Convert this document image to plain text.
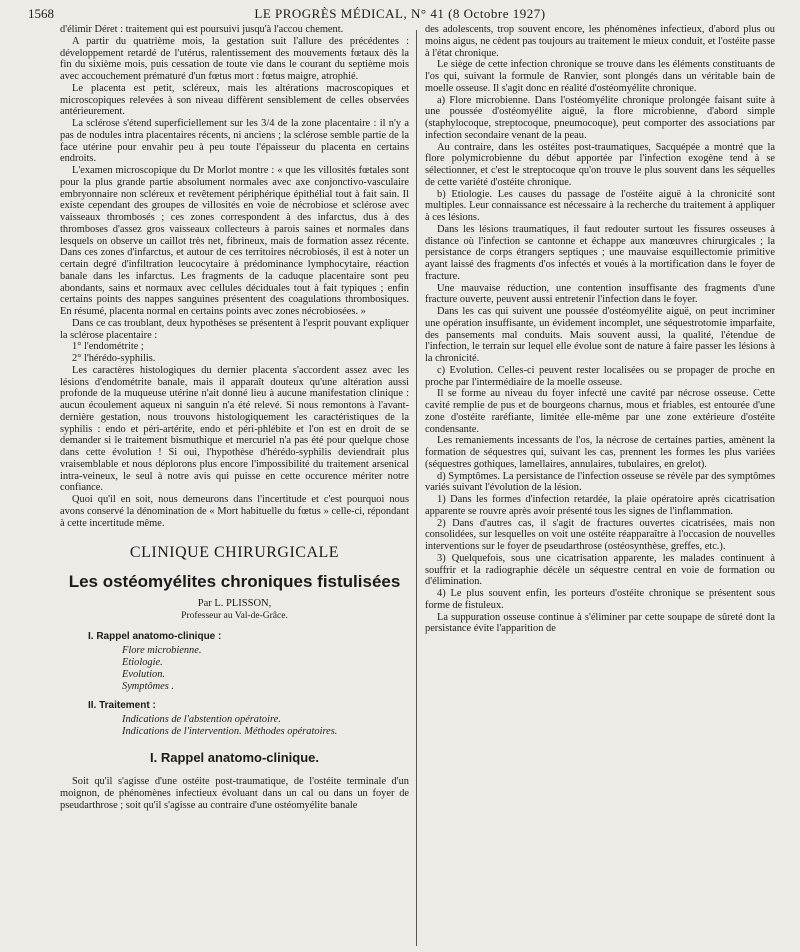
1568	LE PROGRÈS MÉDICAL, N° 41 (8 Octobre 1927)

d'élimir Déret : traitement qui est poursuivi jusqu'à l'accou chement.

A partir du quatrième mois, la gestation suit l'allure des précédentes : développement retardé de l'utérus, ralentissement des mouvements fœtaux dès la fin du sixième mois, puis cessation de toute vie dans le courant du septième mois avec accouchement prématuré d'un fœtus mort : fœtus maigre, atrophié.

Le placenta est petit, scléreux, mais les altérations macroscopiques et microscopiques relevées à son niveau diffèrent sensiblement de celles observées antérieurement.

La sclérose s'étend superficiellement sur les 3/4 de la zone placentaire : il n'y a pas de nodules intra placentaires récents, ni anciens ; la sclérose semble partie de la face utérine pour envahir peu à peu toute l'épaisseur du placenta en certains endroits.

L'examen microscopique du Dr Morlot montre : « que les villosités fœtales sont pour la plus grande partie absolument normales avec axe conjonctivo-vasculaire embryonnaire non scléreux et revêtement périphérique épithélial tout à fait sain. Il existe cependant des groupes de villosités en voie de nécrobiose et sclérose avec vaisseaux thrombosés ; ces zones correspondent à des infarctus, dus à des thromboses d'assez gros vaisseaux collecteurs à parois saines et normales dans lesquels on observe un caillot très net, fibrineux, mais de formation assez récente. Dans ces zones d'infarctus, et autour de ces territoires nécrobiosés, il est à noter un certain degré d'infiltration leucocytaire à prédominance lymphocytaire, réaction banale dans les infarctus. Les fragments de la caduque placentaire sont peu abondants, sains et normaux avec cellules déciduales tout à fait typiques ; enfin certains points des nappes sanguines présentent des coagulations thrombosiques. En résumé, placenta normal en certains points avec zones nécrobiosées. »

Dans ce cas troublant, deux hypothèses se présentent à l'esprit pouvant expliquer la sclérose placentaire :

1° l'endométrite ;

2° l'hérédo-syphilis.

Les caractères histologiques du dernier placenta s'accordent assez avec les lésions d'endométrite banale, mais il apparaît douteux qu'une altération aussi profonde de la muqueuse utérine n'ait donné lieu à aucune manifestation clinique : aucun écoulement aqueux ni sanguin n'a été relevé. Si nous remontons à l'avant-dernière gestation, nous trouvons histologiquement les caractéristiques de la syphilis : endo et péri-artérite, endo et péri-phlébite et l'on est en droit de se demander si le traitement bismuthique et mercuriel n'a pas été pour quelque chose dans cette évolution ! Si oui, l'hypothèse d'hérédo-syphilis deviendrait plus vraisemblable et nous déplorons plus encore l'impossibilité du traitement arsenical intra-veineux, le seul à notre avis qui puisse en cette occurence mériter notre confiance.

Quoi qu'il en soit, nous demeurons dans l'incertitude et c'est pourquoi nous avons conservé la dénomination de « Mort habituelle du fœtus » celle-ci, répondant à cette incertitude même.

CLINIQUE CHIRURGICALE
Les ostéomyélites chroniques fistulisées
Par L. PLISSON,
Professeur au Val-de-Grâce.
I. Rappel anatomo-clinique :
Flore microbienne.
Etiologie.
Evolution.
Symptômes .
II. Traitement :
Indications de l'abstention opératoire.
Indications de l'intervention. Méthodes opératoires.
I. Rappel anatomo-clinique.

Soit qu'il s'agisse d'une ostéite post-traumatique, de l'ostéite terminale d'un moignon, de phénomènes infectieux évoluant dans un cal ou dans un foyer de pseudarthrose ; soit qu'il s'agisse au contraire d'une ostéomyélite banale

des adolescents, trop souvent encore, les phénomènes infectieux, d'abord plus ou moins aigus, ne cèdent pas toujours au traitement le mieux conduit, et l'ostéite passe à l'état chronique.

Le siège de cette infection chronique se trouve dans les éléments constituants de l'os qui, suivant la formule de Ranvier, sont plongés dans un véritable bain de moelle osseuse. Il s'agit donc en réalité d'ostéomyélite chronique.

a) Flore microbienne. Dans l'ostéomyélite chronique prolongée faisant suite à une poussée d'ostéomyélite aiguë, la flore microbienne, d'abord simple (staphylocoque, streptocoque, pneumocoque), peut comporter des associations par infection secondaire venant de la peau.

Au contraire, dans les ostéites post-traumatiques, Sacquépée a montré que la flore polymicrobienne du début apportée par l'infection exogène tend à se sélectionner, et c'est le streptocoque qu'on trouve le plus souvent dans les séquelles de cette variété d'ostéite chronique.

b) Etiologie. Les causes du passage de l'ostéite aiguë à la chronicité sont multiples. Leur connaissance est nécessaire à la recherche du traitement à appliquer à ces lésions.

Dans les lésions traumatiques, il faut redouter surtout les fissures osseuses à distance où l'infection se cantonne et échappe aux manœuvres chirurgicales ; la persistance de corps étrangers septiques ; une mauvaise esquillectomie primitive ayant laissé des fragments d'os infectés et voués à la mortification dans le foyer de fracture.

Une mauvaise réduction, une contention insuffisante des fragments d'une fracture ouverte, peuvent aussi entretenir l'infection dans le foyer.

Dans les cas qui suivent une poussée d'ostéomyélite aiguë, on peut incriminer une opération insuffisante, un évidement incomplet, une séquestrotomie imparfaite, des pansements mal conduits. Mais souvent aussi, la qualité, l'étendue de l'infection, le terrain sur lequel elle évolue sont de nature à faire passer les lésions à la chronicité.

c) Evolution. Celles-ci peuvent rester localisées ou se propager de proche en proche par l'intermédiaire de la moelle osseuse.

Il se forme au niveau du foyer infecté une cavité par nécrose osseuse. Cette cavité remplie de pus et de bourgeons charnus, mous et friables, est entourée d'une zone d'ostéite raréfiante, limitée elle-même par une zone extérieure d'ostéite condensante.

Les remaniements incessants de l'os, la nécrose de certaines parties, amènent la formation de séquestres qui, suivant les cas, prennent les formes les plus variées (séquestres gothiques, lamellaires, annulaires, tubulaires, en grelot).

d) Symptômes. La persistance de l'infection osseuse se révèle par des symptômes variés suivant l'évolution de la lésion.

1) Dans les formes d'infection retardée, la plaie opératoire après cicatrisation apparente se rouvre après avoir présenté tous les signes de l'inflammation.

2) Dans d'autres cas, il s'agit de fractures ouvertes cicatrisées, mais non consolidées, sur lesquelles on voit une ostéite réapparaître à l'occasion de nouvelles interventions sur le foyer de pseudarthrose (ostéosynthèse, greffes, etc.).

3) Quelquefois, sous une cicatrisation apparente, les malades continuent à souffrir et la radiographie décèle un séquestre central en voie de formation ou d'élimination.

4) Le plus souvent enfin, les porteurs d'ostéite chronique se présentent sous forme de fistuleux.

La suppuration osseuse continue à s'éliminer par cette soupape de sûreté dont la persistance évite l'apparition de
